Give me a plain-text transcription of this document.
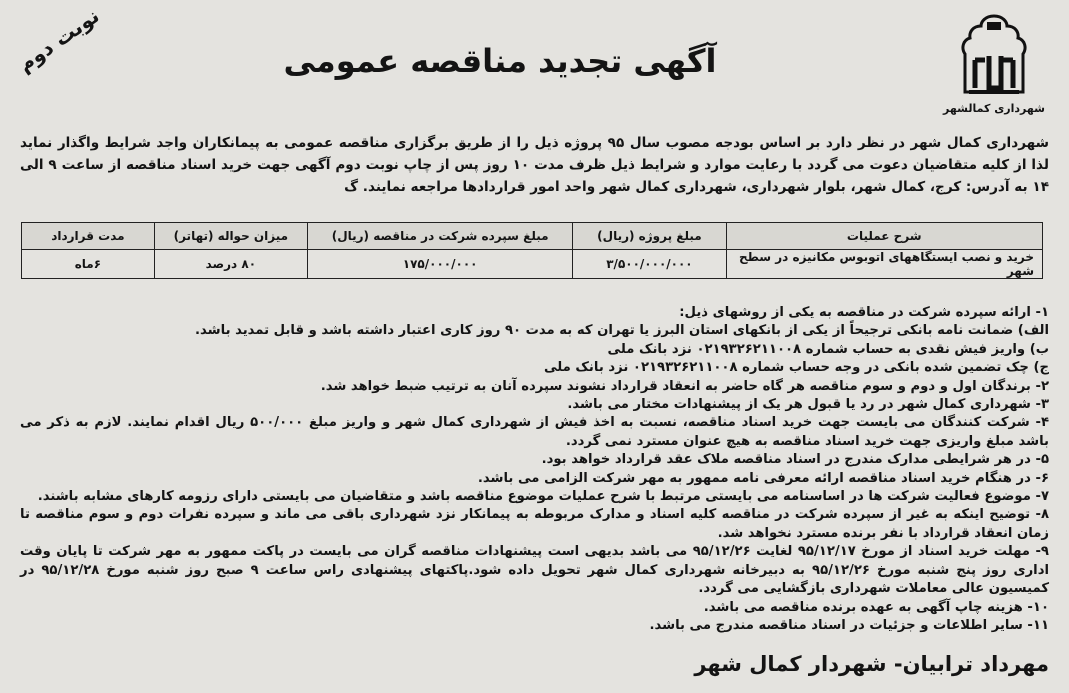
شهرداری کمالشهر
نوبت دوم	آگهی تجدید مناقصه عمومی
شهرداری کمال شهر در نظر دارد بر اساس بودجه مصوب سال ۹۵ پروژه ذیل را از طریق برگزاری مناقصه عمومی به پیمانکاران واجد شرایط واگذار نماید لذا از کلیه متقاضیان دعوت می گردد با رعایت موارد و شرایط ذیل ظرف مدت ۱۰ روز پس از چاپ نوبت دوم آگهی جهت خرید اسناد مناقصه از ساعت ۹ الی ۱۴ به آدرس: کرج، کمال شهر، بلوار شهرداری، شهرداری کمال شهر واحد امور قراردادها مراجعه نمایند. گ
شرح عملیات	مبلغ پروژه (ریال)	مبلغ سپرده شرکت در مناقصه (ریال)	میزان حواله (تهاتر)	مدت قرارداد
خرید و نصب ایستگاههای اتوبوس مکانیزه در سطح شهر	۳/۵۰۰/۰۰۰/۰۰۰	۱۷۵/۰۰۰/۰۰۰	۸۰ درصد	۶ماه
۱- ارائه سپرده شرکت در مناقصه به یکی از روشهای ذیل:
الف) ضمانت نامه بانکی ترجیحاً از یکی از بانکهای استان البرز یا تهران که به مدت ۹۰ روز کاری اعتبار داشته باشد و قابل تمدید باشد.
ب) واریز فیش نقدی به حساب شماره ۰۲۱۹۳۲۶۲۱۱۰۰۸ نزد بانک ملی
ج) چک تضمین شده بانکی در وجه حساب شماره ۰۲۱۹۳۲۶۲۱۱۰۰۸ نزد بانک ملی
۲- برندگان اول و دوم و سوم مناقصه هر گاه حاضر به انعقاد قرارداد نشوند سپرده آنان به ترتیب ضبط خواهد شد.
۳- شهرداری کمال شهر در رد یا قبول هر یک از پیشنهادات مختار می باشد.
۴- شرکت کنندگان می بایست جهت خرید اسناد مناقصه، نسبت به اخذ فیش از شهرداری کمال شهر و واریز مبلغ ۵۰۰/۰۰۰ ریال اقدام نمایند. لازم به ذکر می باشد مبلغ واریزی جهت خرید اسناد مناقصه به هیچ عنوان مسترد نمی گردد.
۵- در هر شرایطی مدارک مندرج در اسناد مناقصه ملاک عقد قرارداد خواهد بود.
۶- در هنگام خرید اسناد مناقصه ارائه معرفی نامه ممهور به مهر شرکت الزامی می باشد.
۷- موضوع فعالیت شرکت ها در اساسنامه می بایستی مرتبط با شرح عملیات موضوع مناقصه باشد و متقاضیان می بایستی دارای رزومه کارهای مشابه باشند.
۸- توضیح اینکه به غیر از سپرده شرکت در مناقصه کلیه اسناد و مدارک مربوطه به پیمانکار نزد شهرداری باقی می ماند و سپرده نفرات دوم و سوم مناقصه تا زمان انعقاد قرارداد با نفر برنده مسترد نخواهد شد.
۹- مهلت خرید اسناد از مورخ ۹۵/۱۲/۱۷ لغایت ۹۵/۱۲/۲۶ می باشد بدیهی است پیشنهادات مناقصه گران می بایست در پاکت ممهور به مهر شرکت تا پایان وقت اداری روز پنج شنبه مورخ ۹۵/۱۲/۲۶ به دبیرخانه شهرداری کمال شهر تحویل داده شود.پاکتهای پیشنهادی راس ساعت ۹ صبح روز شنبه مورخ ۹۵/۱۲/۲۸ در کمیسیون عالی معاملات شهرداری بازگشایی می گردد.
۱۰- هزینه چاپ آگهی به عهده برنده مناقصه می باشد.
۱۱- سایر اطلاعات و جزئیات در اسناد مناقصه مندرج می باشد.
مهرداد ترابیان- شهردار کمال شهر
